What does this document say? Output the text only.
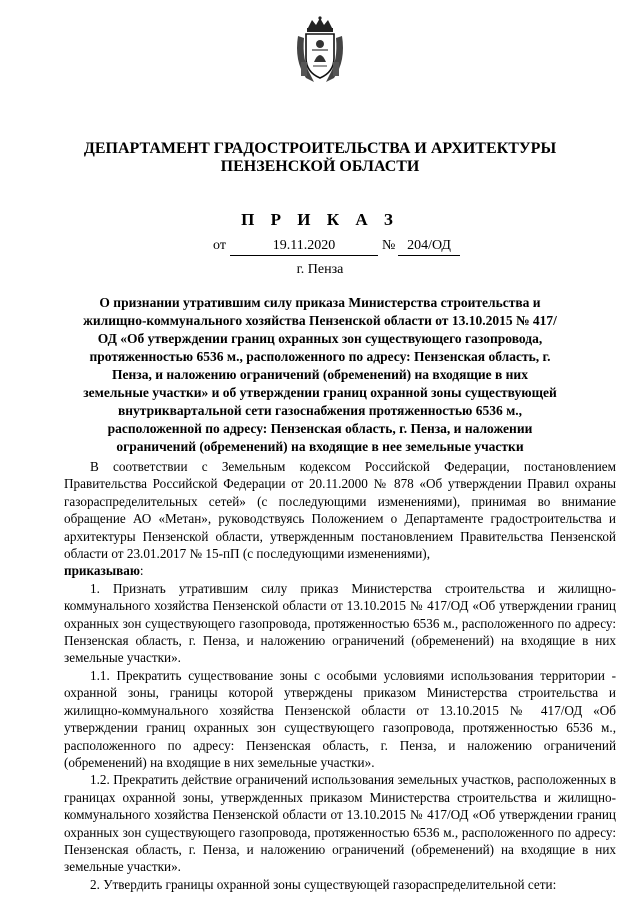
ДЕПАРТАМЕНТ ГРАДОСТРОИТЕЛЬСТВА И АРХИТЕКТУРЫ
ПЕНЗЕНСКОЙ ОБЛАСТИ
П Р И К А З
от	19.11.2020	№ 204/ОД
г. Пенза
О признании утратившим силу приказа Министерства строительства и жилищно-коммунального хозяйства Пензенской области от 13.10.2015 № 417/ОД «Об утверждении границ охранных зон существующего газопровода, протяженностью 6536 м., расположенного по адресу: Пензенская область, г. Пенза, и наложению ограничений (обременений) на входящие в них земельные участки» и об утверждении границ охранной зоны существующей внутриквартальной сети газоснабжения протяженностью 6536 м., расположенной по адресу: Пензенская область, г. Пенза, и наложении ограничений (обременений) на входящие в нее земельные участки

В соответствии с Земельным кодексом Российской Федерации, постановлением Правительства Российской Федерации от 20.11.2000 № 878 «Об утверждении Правил охраны газораспределительных сетей» (с последующими изменениями), принимая во внимание обращение АО «Метан», руководствуясь Положением о Департаменте градостроительства и архитектуры Пензенской области, утвержденным постановлением Правительства Пензенской области от 23.01.2017 № 15-пП (с последующими изменениями),
приказываю:

1. Признать утратившим силу приказ Министерства строительства и жилищно-коммунального хозяйства Пензенской области от 13.10.2015 № 417/ОД «Об утверждении границ охранных зон существующего газопровода, протяженностью 6536 м., расположенного по адресу: Пензенская область, г. Пенза, и наложению ограничений (обременений) на входящие в них земельные участки».

1.1. Прекратить существование зоны с особыми условиями использования территории - охранной зоны, границы которой утверждены приказом Министерства строительства и жилищно-коммунального хозяйства Пензенской области от 13.10.2015 № 417/ОД «Об утверждении границ охранных зон существующего газопровода, протяженностью 6536 м., расположенного по адресу: Пензенская область, г. Пенза, и наложению ограничений (обременений) на входящие в них земельные участки».

1.2. Прекратить действие ограничений использования земельных участков, расположенных в границах охранной зоны, утвержденных приказом Министерства строительства и жилищно-коммунального хозяйства Пензенской области от 13.10.2015 № 417/ОД «Об утверждении границ охранных зон существующего газопровода, протяженностью 6536 м., расположенного по адресу: Пензенская область, г. Пенза, и наложению ограничений (обременений) на входящие в них земельные участки».

2. Утвердить границы охранной зоны существующей газораспределительной сети:
